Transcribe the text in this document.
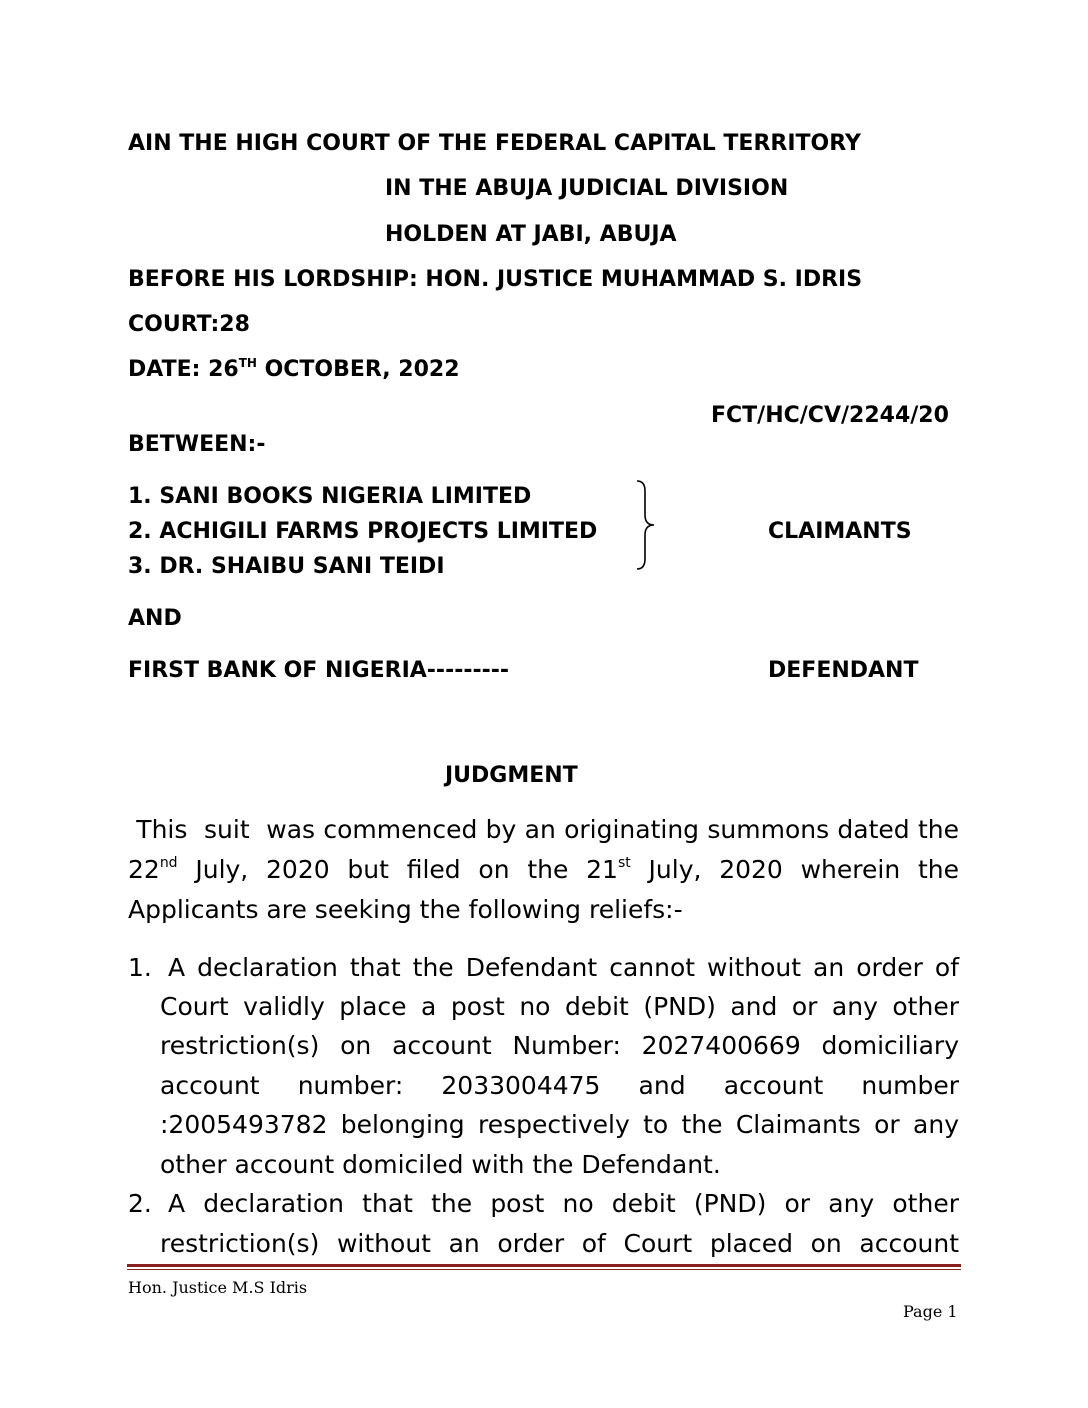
AIN THE HIGH COURT OF THE FEDERAL CAPITAL TERRITORY
IN THE ABUJA JUDICIAL DIVISION
HOLDEN AT JABI, ABUJA
BEFORE HIS LORDSHIP: HON. JUSTICE MUHAMMAD S. IDRIS
COURT:28
DATE: 26TH OCTOBER, 2022
FCT/HC/CV/2244/20
BETWEEN:-
1. SANI BOOKS NIGERIA LIMITED
2. ACHIGILI FARMS PROJECTS LIMITED
3. DR. SHAIBU SANI TEIDI
CLAIMANTS
AND
FIRST BANK OF NIGERIA---------	DEFENDANT
JUDGMENT
This  suit  was commenced by an originating summons dated the
22nd July, 2020 but filed on the 21st July, 2020 wherein the
Applicants are seeking the following reliefs:-
1. A declaration that the Defendant cannot without an order of
Court validly place a post no debit (PND) and or any other
restriction(s) on account Number: 2027400669 domiciliary
account number: 2033004475 and account number
:2005493782 belonging respectively to the Claimants or any
other account domiciled with the Defendant.
2. A declaration that the post no debit (PND) or any other
restriction(s) without an order of Court placed on account
Hon. Justice M.S Idris
Page 1
